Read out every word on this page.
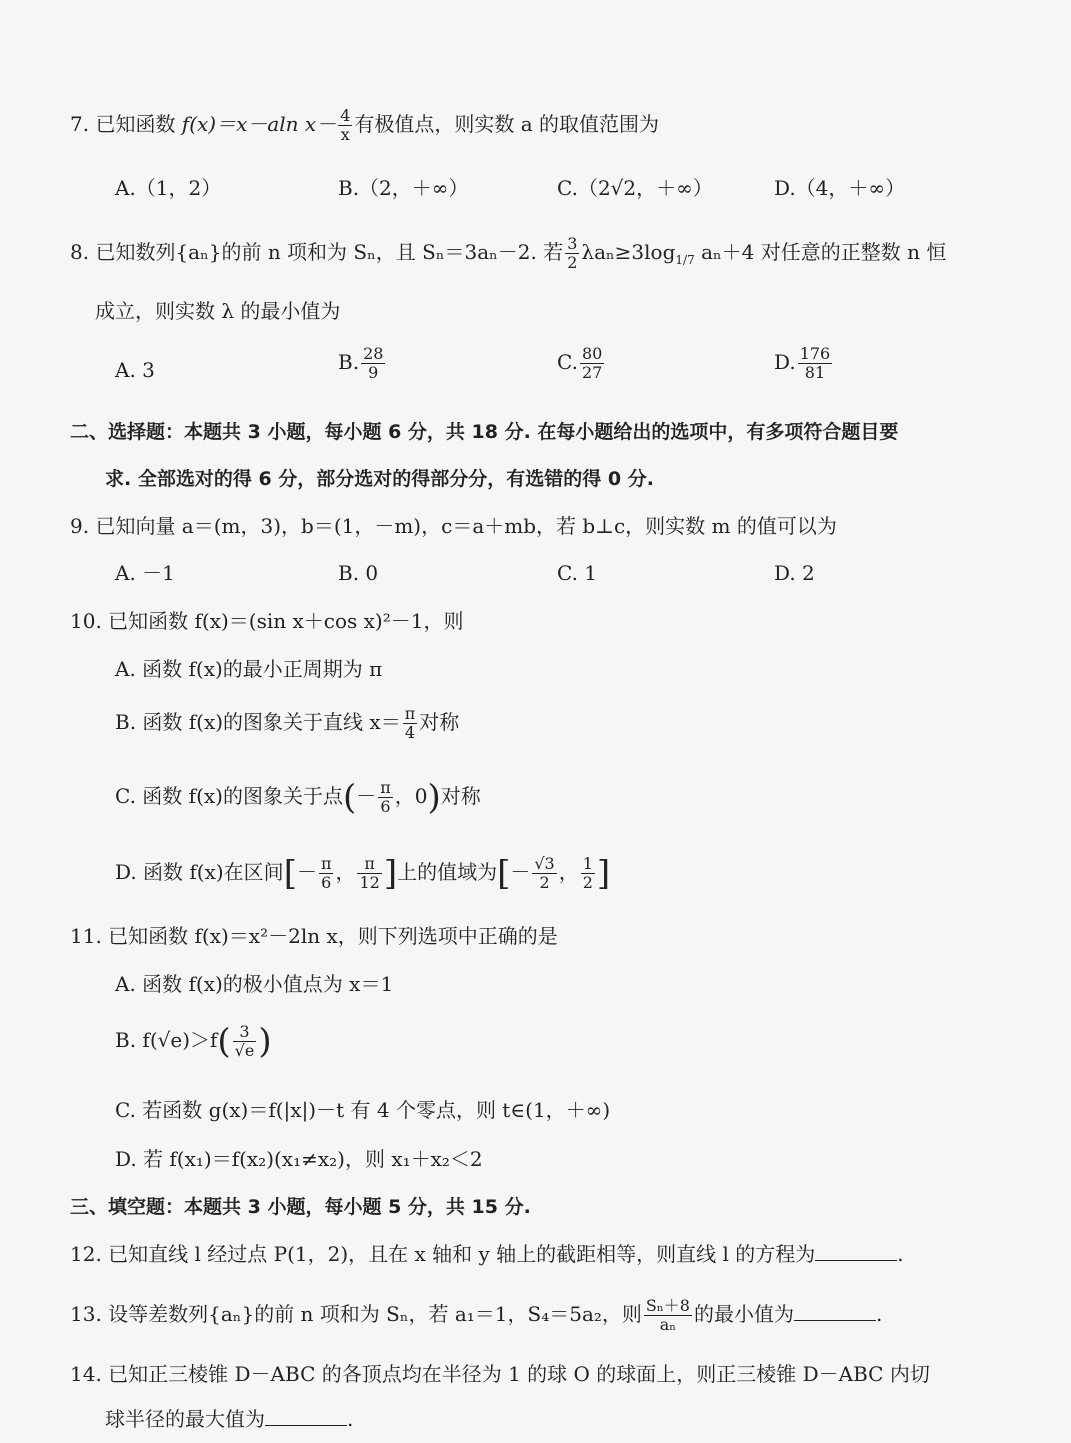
7. 已知函数 f(x)＝x－aln $x- \frac{4}{x}$ 有极值点，则实数 a 的取值范围为
A.（1，2）	B.（2，＋∞）	C.（2√2，＋∞）	D.（4，＋∞）
8. 已知数列{aₙ}的前 n 项和为 Sₙ，且 Sₙ＝3aₙ－2. 若 $\frac{3}{2} \lambda a_n\ge 3\log_{1/7}$ aₙ＋4 对任意的正整数 n 恒
成立，则实数 λ 的最小值为
A. 3	B. $\frac{28}{9}$	C. $\frac{80}{27}$	D. $\frac{176}{81}$
二、选择题：本题共 3 小题，每小题 6 分，共 18 分. 在每小题给出的选项中，有多项符合题目要
求. 全部选对的得 6 分，部分选对的得部分分，有选错的得 0 分.
9. 已知向量 a＝(m，3)，b＝(1，－m)，c＝a＋mb，若 b⊥c，则实数 m 的值可以为
A. －1	B. 0	C. 1	D. 2
10. 已知函数 f(x)＝(sin x＋cos x)²－1，则
A. 函数 f(x)的最小正周期为 π
B. 函数 f(x)的图象关于直线 $x= \frac{\pi}{4}$ 对称
C. 函数 f(x)的图象关于点(－ $\frac{\pi}{6}$ ，0)对称
D. 函数 f(x)在区间[－ $\frac{\pi}{6}$ ， $\frac{\pi}{12}$ ]上的值域为[－ $\frac{√3}{2}$ ， $\frac{1}{2}$ ]
11. 已知函数 f(x)＝x²－2ln x，则下列选项中正确的是
A. 函数 f(x)的极小值点为 x＝1
B. $f(√e)>f( \frac{3}{√e}$ )
C. 若函数 g(x)＝f(|x|)－t 有 4 个零点，则 t∈(1，＋∞)
D. 若 f(x₁)＝f(x₂)(x₁≠x₂)，则 x₁＋x₂＜2
三、填空题：本题共 3 小题，每小题 5 分，共 15 分.
12. 已知直线 l 经过点 P(1，2)，且在 x 轴和 y 轴上的截距相等，则直线 l 的方程为	.
13. 设等差数列{aₙ}的前 n 项和为 Sₙ，若 a₁＝1，S₄＝5a₂，则 $\frac{\text{Sₙ＋8}}{\text{aₙ}}$ 的最小值为	.
14. 已知正三棱锥 D－ABC 的各顶点均在半径为 1 的球 O 的球面上，则正三棱锥 D－ABC 内切
球半径的最大值为	.
